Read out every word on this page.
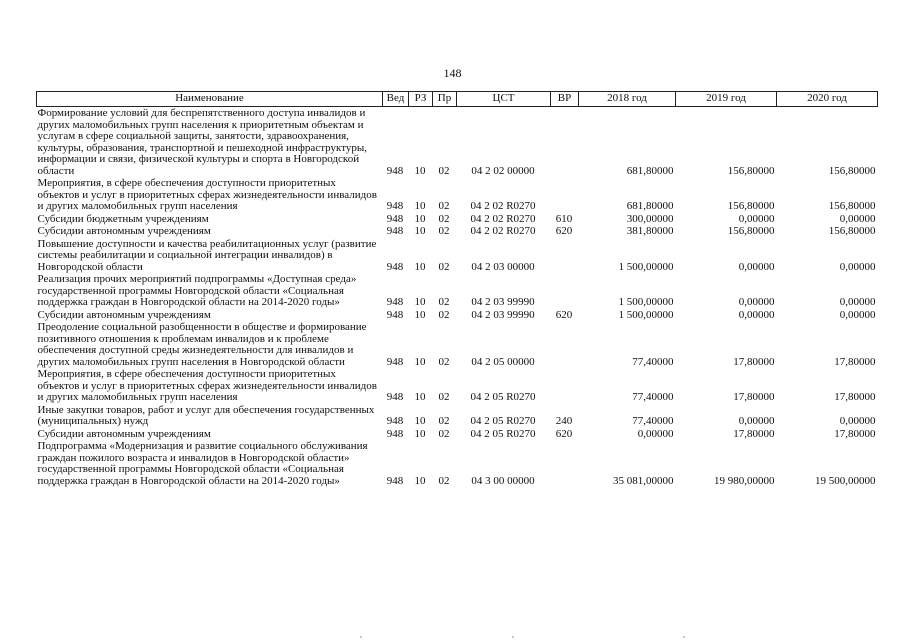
148
Наименование	Вед	РЗ	Пр	ЦСТ	ВР	2018 год	2019 год	2020 год
Формирование условий для беспрепятственного доступа инвалидов и других маломобильных групп населения к приоритетным объектам и услугам в сфере социальной защиты, занятости, здравоохранения, культуры, образования, транспортной и пешеходной инфраструктуры, информации и связи, физической культуры и спорта в Новгородской области	948	10	02	04 2 02 00000		681,80000	156,80000	156,80000
Мероприятия, в сфере обеспечения доступности приоритетных объектов и услуг в приоритетных сферах жизнедеятельности инвалидов и других маломобильных групп населения	948	10	02	04 2 02 R0270		681,80000	156,80000	156,80000
Субсидии бюджетным учреждениям	948	10	02	04 2 02 R0270	610	300,00000	0,00000	0,00000
Субсидии автономным учреждениям	948	10	02	04 2 02 R0270	620	381,80000	156,80000	156,80000
Повышение доступности и качества реабилитационных услуг (развитие системы реабилитации и социальной интеграции инвалидов) в Новгородской области	948	10	02	04 2 03 00000		1 500,00000	0,00000	0,00000
Реализация прочих мероприятий подпрограммы «Доступная среда» государственной программы Новгородской области «Социальная поддержка граждан в Новгородской области на 2014-2020 годы»	948	10	02	04 2 03 99990		1 500,00000	0,00000	0,00000
Субсидии автономным учреждениям	948	10	02	04 2 03 99990	620	1 500,00000	0,00000	0,00000
Преодоление социальной разобщенности в обществе и формирование позитивного отношения к проблемам инвалидов и к проблеме обеспечения доступной среды жизнедеятельности для инвалидов и других маломобильных групп населения в Новгородской области	948	10	02	04 2 05 00000		77,40000	17,80000	17,80000
Мероприятия, в сфере обеспечения доступности приоритетных объектов и услуг в приоритетных сферах жизнедеятельности инвалидов и других маломобильных групп населения	948	10	02	04 2 05 R0270		77,40000	17,80000	17,80000
Иные закупки товаров, работ и услуг для обеспечения государственных (муниципальных) нужд	948	10	02	04 2 05 R0270	240	77,40000	0,00000	0,00000
Субсидии автономным учреждениям	948	10	02	04 2 05 R0270	620	0,00000	17,80000	17,80000
Подпрограмма «Модернизация и развитие социального обслуживания граждан пожилого возраста и инвалидов в Новгородской области» государственной программы Новгородской области «Социальная поддержка граждан в Новгородской области на 2014-2020 годы»	948	10	02	04 3 00 00000		35 081,00000	19 980,00000	19 500,00000
